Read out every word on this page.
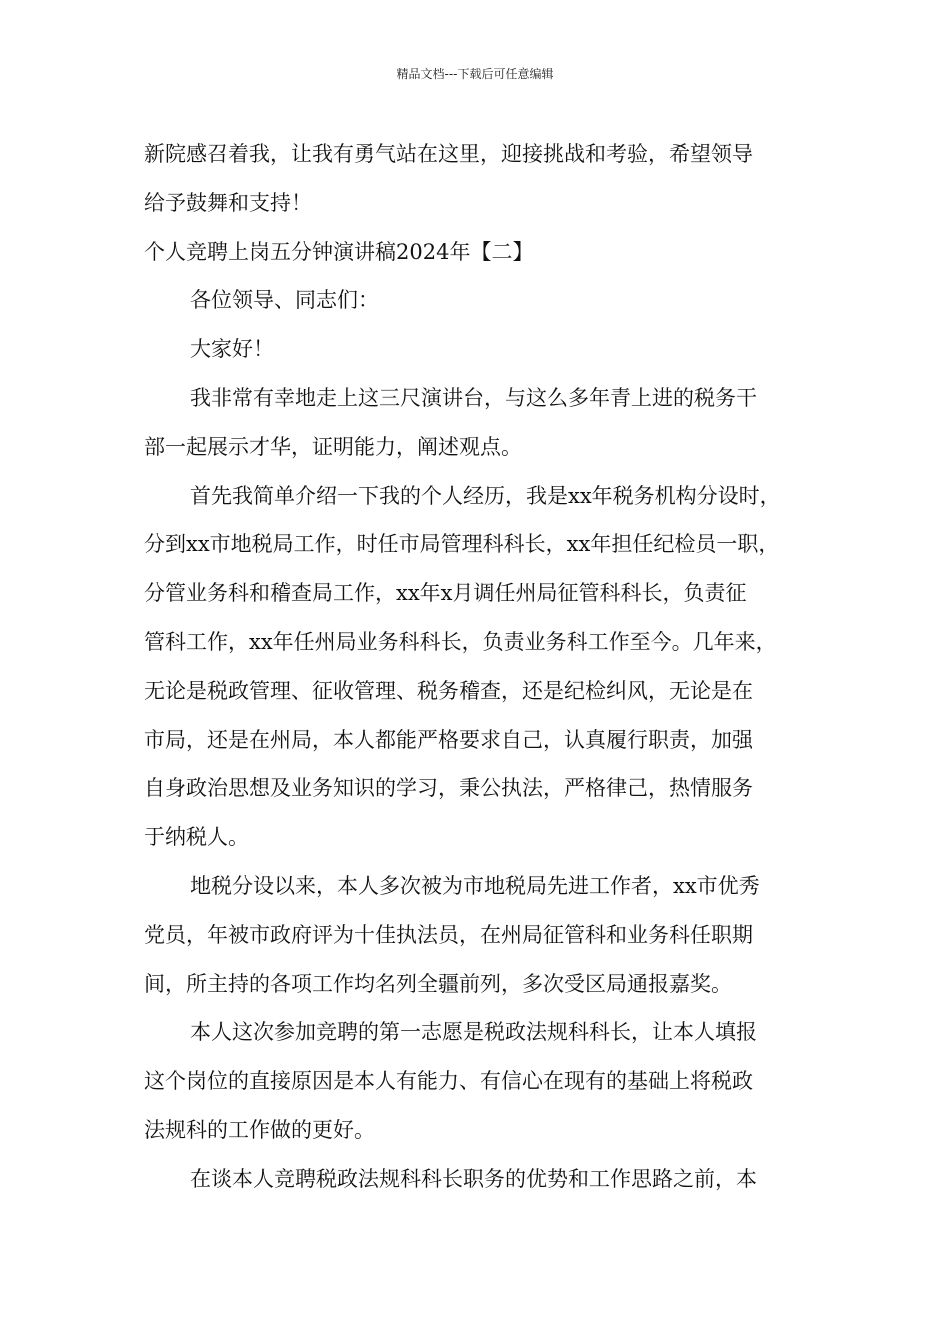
精品文档---下载后可任意编辑
新院感召着我，让我有勇气站在这里，迎接挑战和考验，希望领导
给予鼓舞和支持！
个人竞聘上岗五分钟演讲稿2024年【二】
各位领导、同志们：
大家好！
我非常有幸地走上这三尺演讲台，与这么多年青上进的税务干
部一起展示才华，证明能力，阐述观点。
首先我简单介绍一下我的个人经历，我是xx年税务机构分设时，
分到xx市地税局工作，时任市局管理科科长，xx年担任纪检员一职，
分管业务科和稽查局工作，xx年x月调任州局征管科科长，负责征
管科工作，xx年任州局业务科科长，负责业务科工作至今。几年来，
无论是税政管理、征收管理、税务稽查，还是纪检纠风，无论是在
市局，还是在州局，本人都能严格要求自己，认真履行职责，加强
自身政治思想及业务知识的学习，秉公执法，严格律己，热情服务
于纳税人。
地税分设以来，本人多次被为市地税局先进工作者，xx市优秀
党员，年被市政府评为十佳执法员，在州局征管科和业务科任职期
间，所主持的各项工作均名列全疆前列，多次受区局通报嘉奖。
本人这次参加竞聘的第一志愿是税政法规科科长，让本人填报
这个岗位的直接原因是本人有能力、有信心在现有的基础上将税政
法规科的工作做的更好。
在谈本人竞聘税政法规科科长职务的优势和工作思路之前，本
